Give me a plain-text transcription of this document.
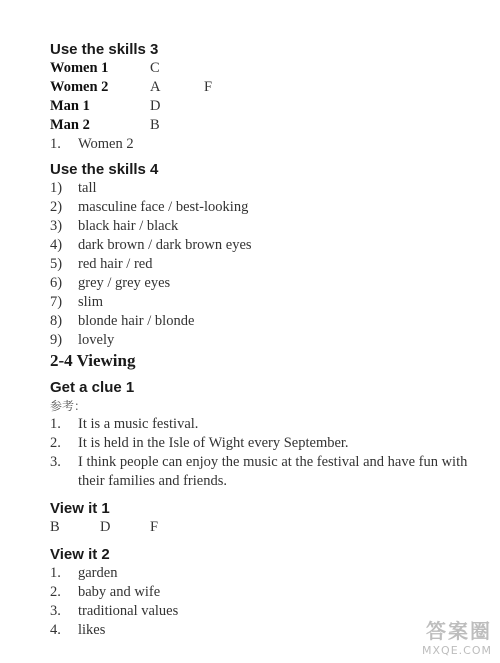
Use the skills 3
Women 1	C
Women 2	A	F
Man 1	D
Man 2	B
1.	Women 2
Use the skills 4
1)	tall
2)	masculine face / best-looking
3)	black hair / black
4)	dark brown / dark brown eyes
5)	red hair / red
6)	grey / grey eyes
7)	slim
8)	blonde hair / blonde
9)	lovely
2-4 Viewing
Get a clue 1
参考：
1.	It is a music festival.
2.	It is held in the Isle of Wight every September.
3.	I think people can enjoy the music at the festival and have fun with their families and friends.
View it 1
B	D	F
View it 2
1.	garden
2.	baby and wife
3.	traditional values
4.	likes	答案圈
MXQE.COM
